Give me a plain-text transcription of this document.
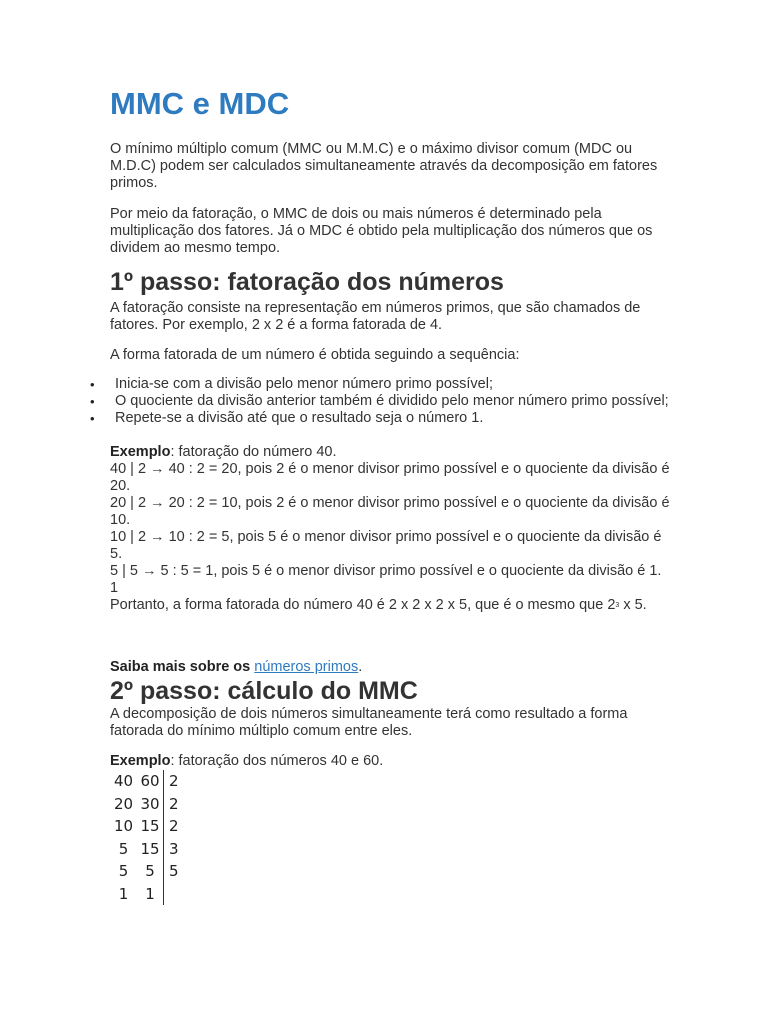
MMC e MDC

O mínimo múltiplo comum (MMC ou M.M.C) e o máximo divisor comum (MDC ou M.D.C) podem ser calculados simultaneamente através da decomposição em fatores primos.

Por meio da fatoração, o MMC de dois ou mais números é determinado pela multiplicação dos fatores. Já o MDC é obtido pela multiplicação dos números que os dividem ao mesmo tempo.

1º passo: fatoração dos números

A fatoração consiste na representação em números primos, que são chamados de fatores. Por exemplo, 2 x 2 é a forma fatorada de 4.

A forma fatorada de um número é obtida seguindo a sequência:

• Inicia-se com a divisão pelo menor número primo possível;
• O quociente da divisão anterior também é dividido pelo menor número primo possível;
• Repete-se a divisão até que o resultado seja o número 1.
Exemplo: fatoração do número 40.
40 | 2 → 40 : 2 = 20, pois 2 é o menor divisor primo possível e o quociente da divisão é 20.
20 | 2 → 20 : 2 = 10, pois 2 é o menor divisor primo possível e o quociente da divisão é 10.
10 | 2 → 10 : 2 = 5, pois 5 é o menor divisor primo possível e o quociente da divisão é 5.
5 | 5 → 5 : 5 = 1, pois 5 é o menor divisor primo possível e o quociente da divisão é 1.
1
Portanto, a forma fatorada do número 40 é 2 x 2 x 2 x 5, que é o mesmo que $2^3$ x 5.

Saiba mais sobre os números primos.

2º passo: cálculo do MMC

A decomposição de dois números simultaneamente terá como resultado a forma fatorada do mínimo múltiplo comum entre eles.

Exemplo: fatoração dos números 40 e 60.

40	60	2
20	30	2
10	15	2
5	15	3
5	5	5
1	1	
